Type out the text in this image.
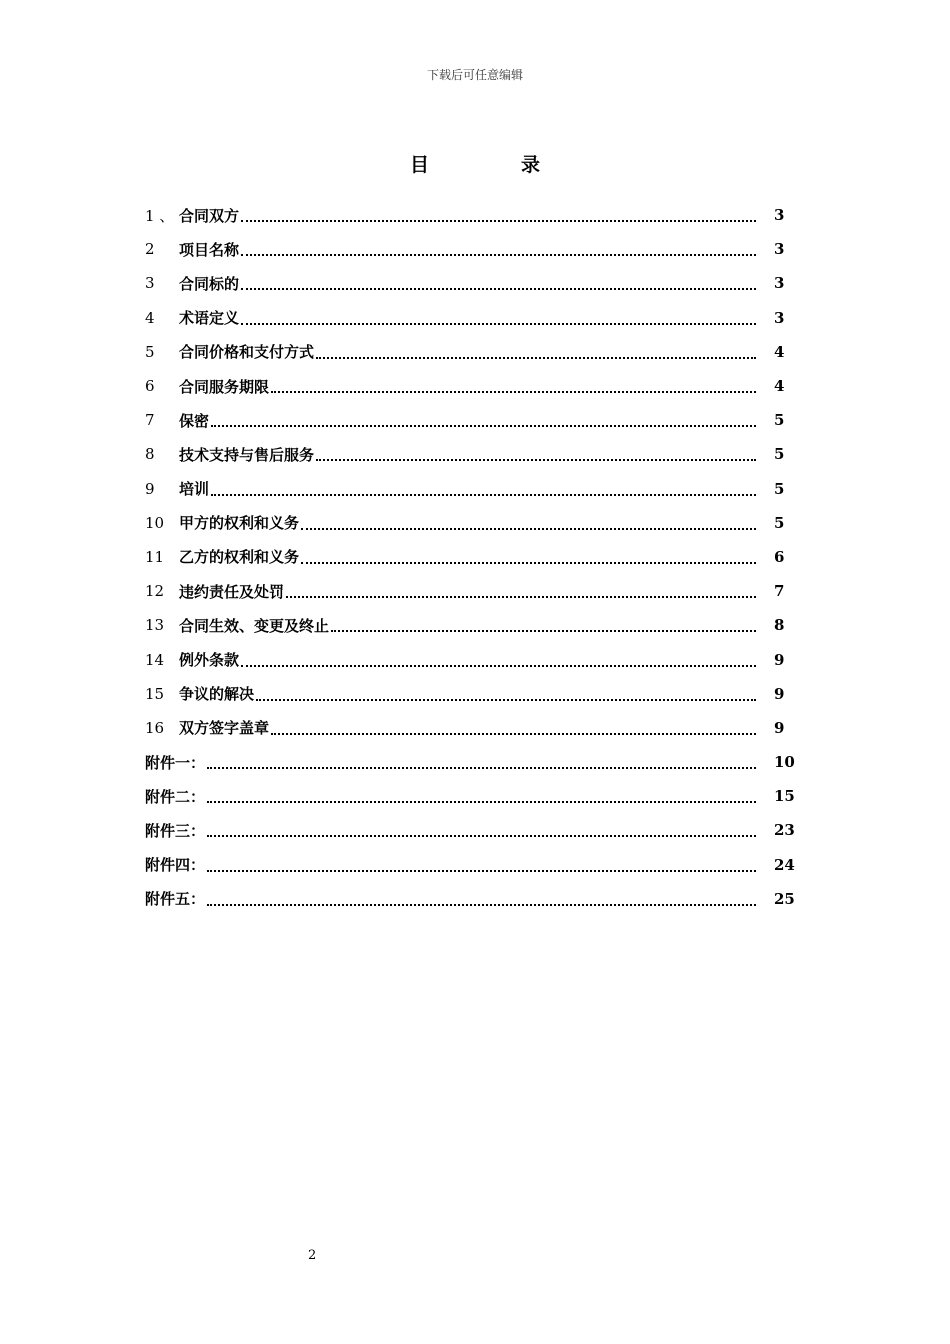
下载后可任意编辑
目	录
1 、 合同双方	3
2	项目名称	3
3	合同标的	3
4	术语定义	3
5	合同价格和支付方式	4
6	合同服务期限	4
7	保密	5
8	技术支持与售后服务	5
9	培训	5
10 甲方的权利和义务	5
11 乙方的权利和义务	6
12 违约责任及处罚	7
13 合同生效、变更及终止	8
14 例外条款	9
15 争议的解决	9
16 双方签字盖章	9
附件一：	10
附件二：	15
附件三：	23
附件四：	24
附件五：	25
2
